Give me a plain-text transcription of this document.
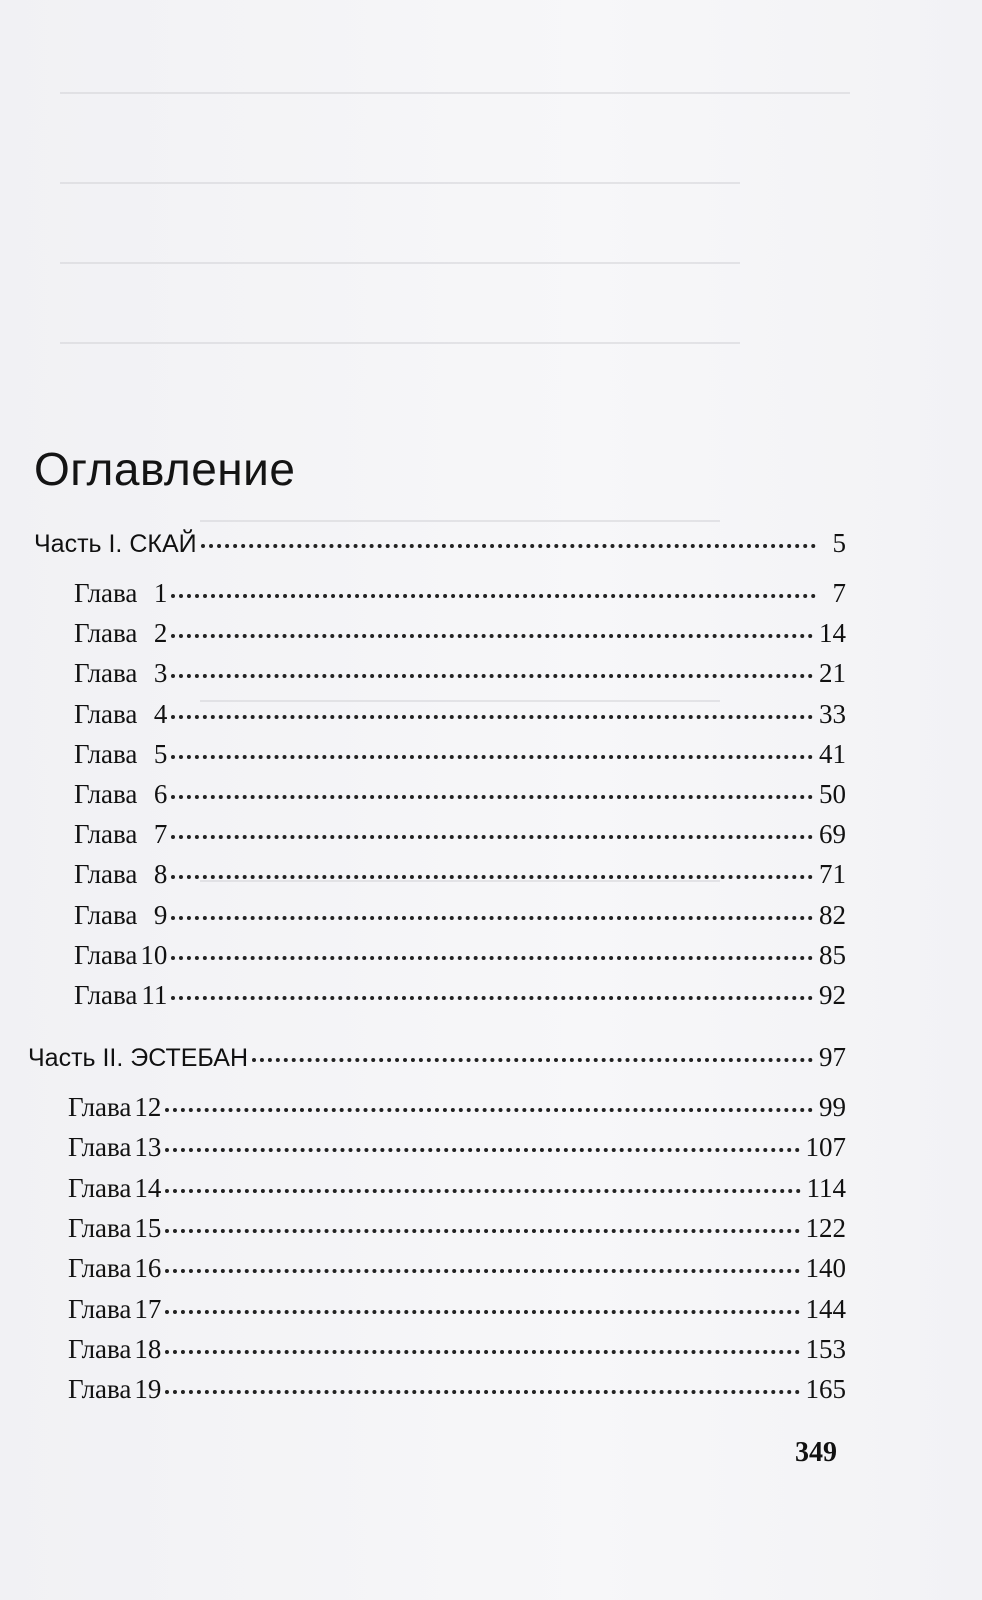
Оглавление
Часть I. СКАЙ	5
Глава 1	7
Глава 2	14
Глава 3	21
Глава 4	33
Глава 5	41
Глава 6	50
Глава 7	69
Глава 8	71
Глава 9	82
Глава 10	85
Глава 11	92
Часть II. ЭСТЕБАН	97
Глава 12	99
Глава 13	107
Глава 14	114
Глава 15	122
Глава 16	140
Глава 17	144
Глава 18	153
Глава 19	165
349
